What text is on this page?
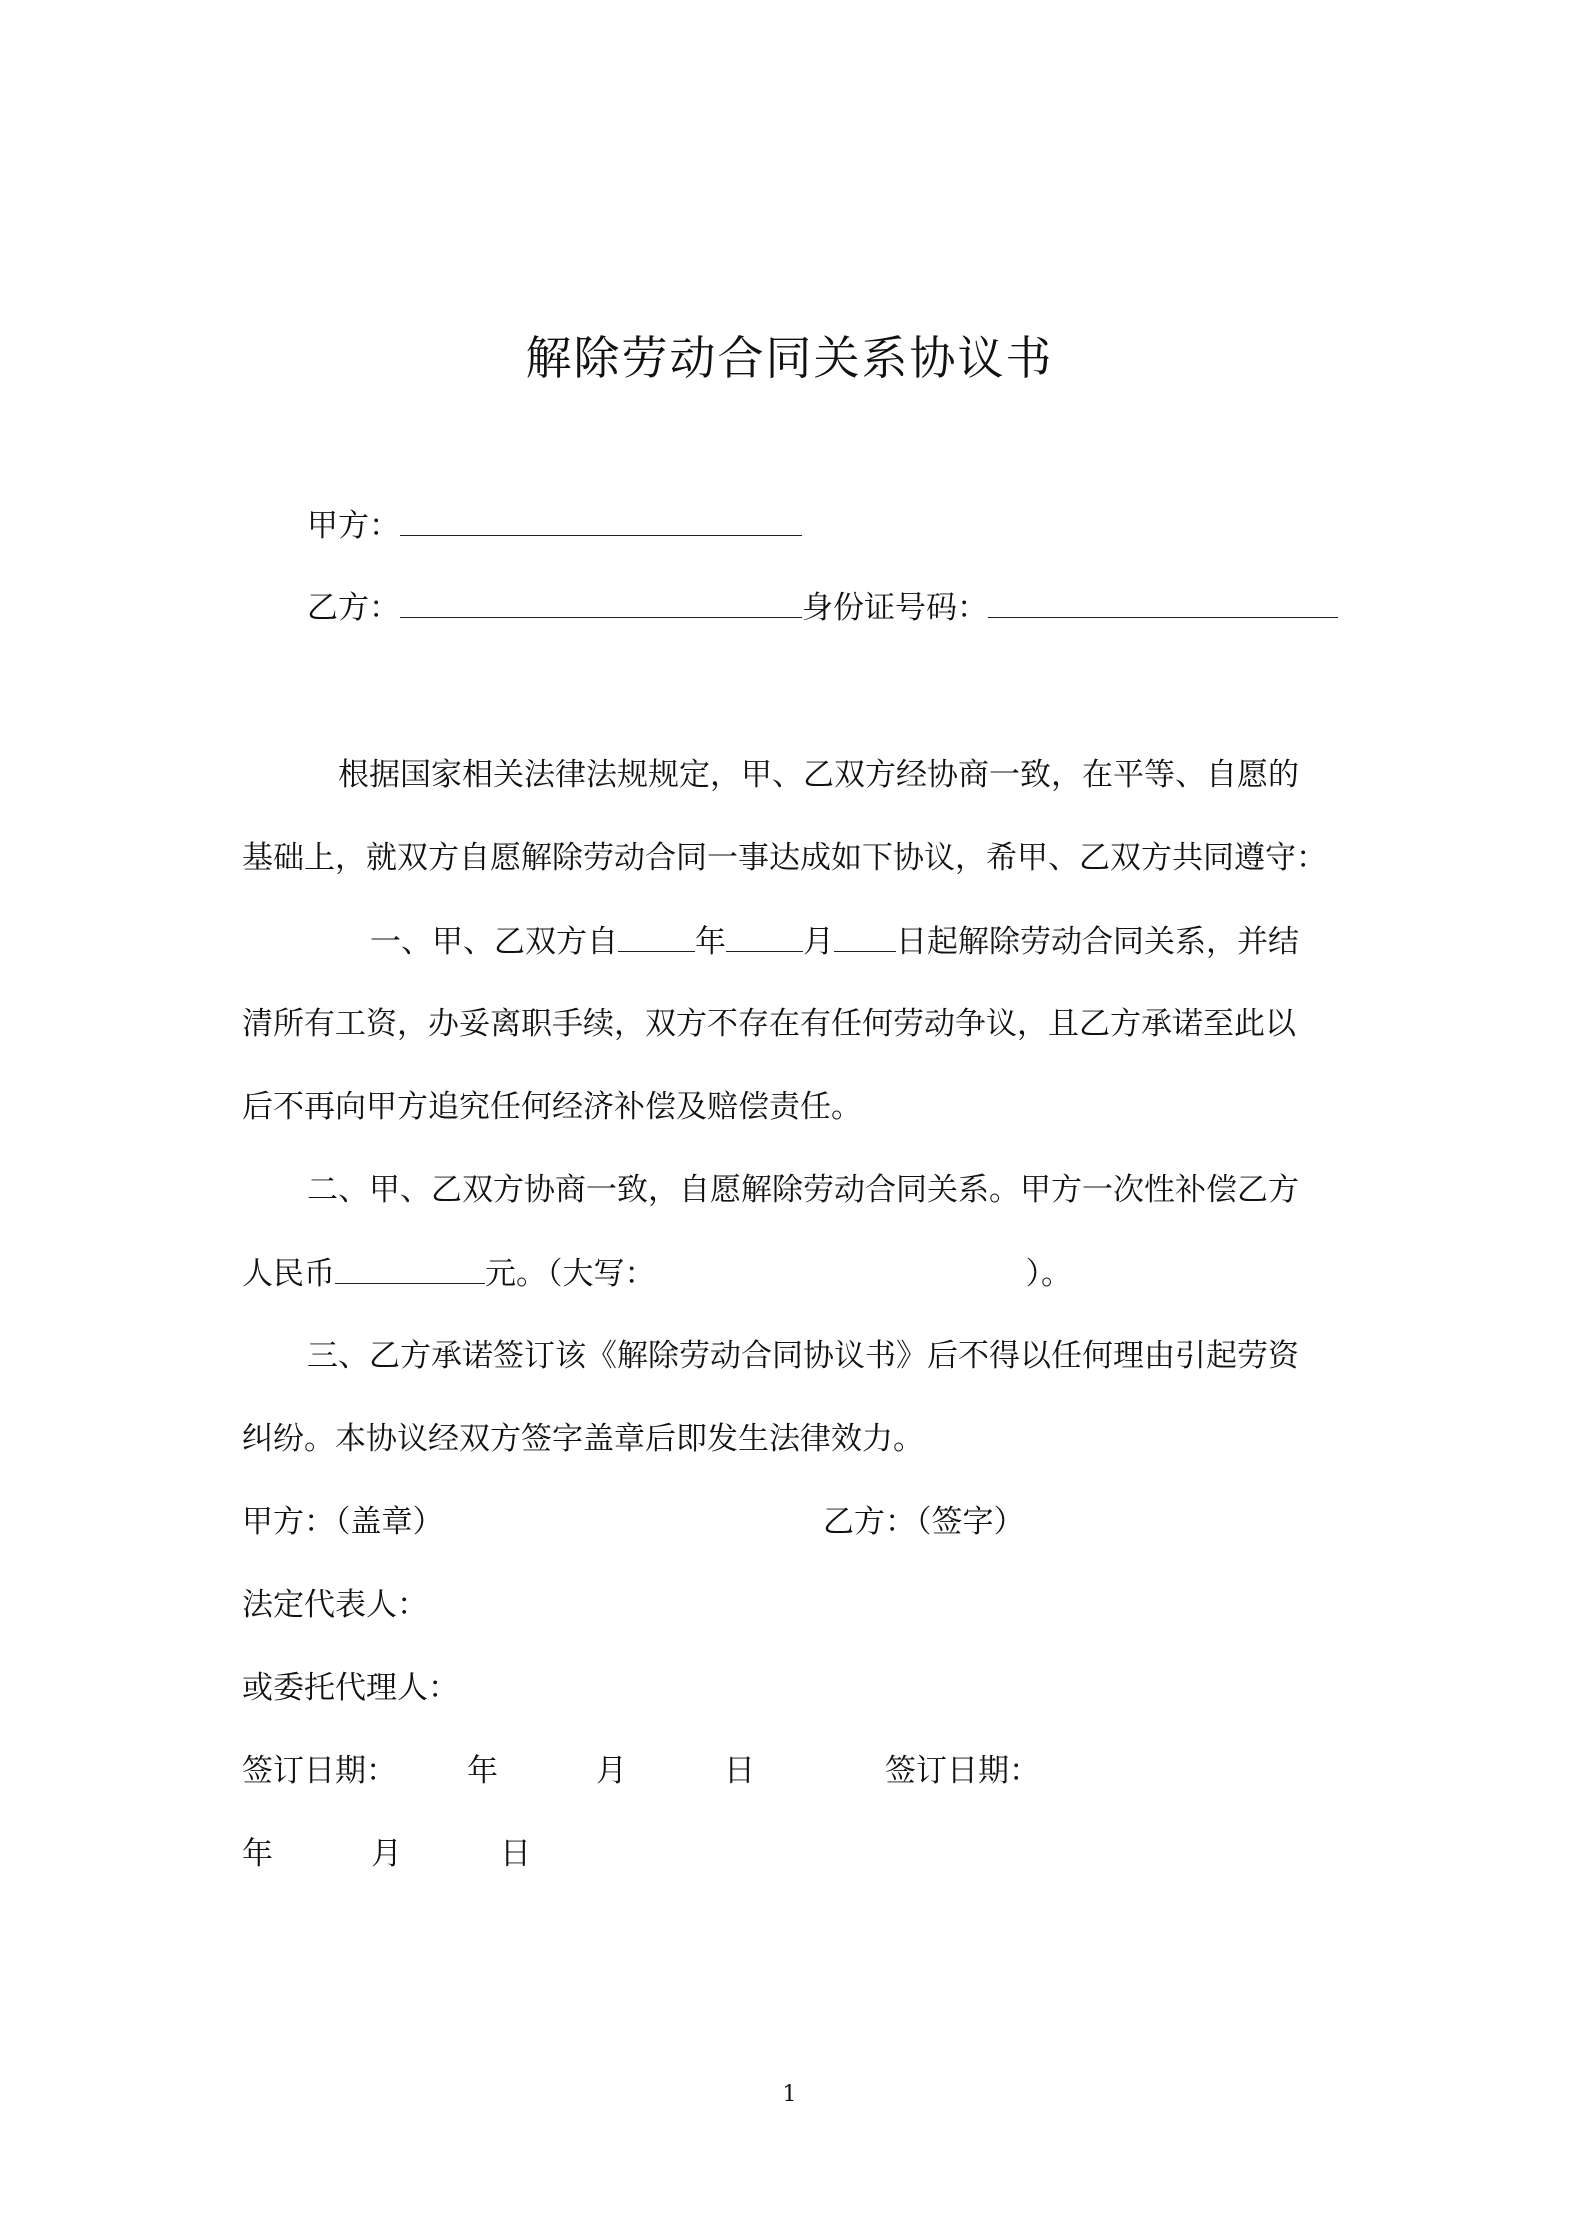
解除劳动合同关系协议书
甲方：
乙方：	身份证号码：
根据国家相关法律法规规定，甲、乙双方经协商一致，在平等、自愿的
基础上，就双方自愿解除劳动合同一事达成如下协议，希甲、乙双方共同遵守：
一、甲、乙双方自 年 月 日起解除劳动合同关系，并结
清所有工资，办妥离职手续，双方不存在有任何劳动争议，且乙方承诺至此以
后不再向甲方追究任何经济补偿及赔偿责任。
二、甲、乙双方协商一致，自愿解除劳动合同关系。甲方一次性补偿乙方
人民币	元。（大写：	）。
三、乙方承诺签订该《解除劳动合同协议书》后不得以任何理由引起劳资
纠纷。本协议经双方签字盖章后即发生法律效力。
甲方：（盖章）	乙方：（签字）
法定代表人：
或委托代理人：
签订日期： 年	月	日	签订日期：
年	月	日
1
